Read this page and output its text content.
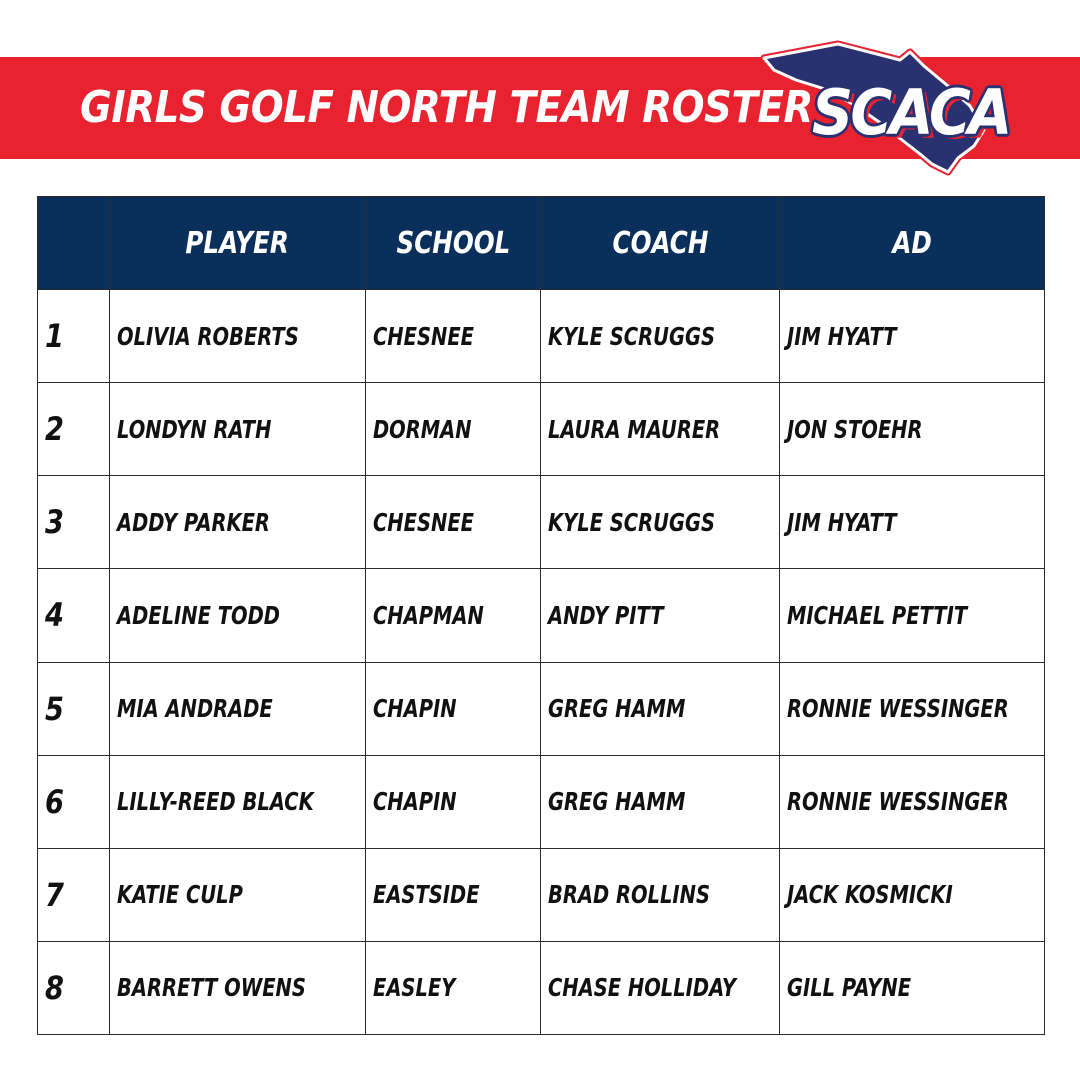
GIRLS GOLF NORTH TEAM ROSTER SCACA
	PLAYER	SCHOOL	COACH	AD
1	OLIVIA ROBERTS	CHESNEE	KYLE SCRUGGS	JIM HYATT
2	LONDYN RATH	DORMAN	LAURA MAURER	JON STOEHR
3	ADDY PARKER	CHESNEE	KYLE SCRUGGS	JIM HYATT
4	ADELINE TODD	CHAPMAN	ANDY PITT	MICHAEL PETTIT
5	MIA ANDRADE	CHAPIN	GREG HAMM	RONNIE WESSINGER
6	LILLY-REED BLACK	CHAPIN	GREG HAMM	RONNIE WESSINGER
7	KATIE CULP	EASTSIDE	BRAD ROLLINS	JACK KOSMICKI
8	BARRETT OWENS	EASLEY	CHASE HOLLIDAY	GILL PAYNE
